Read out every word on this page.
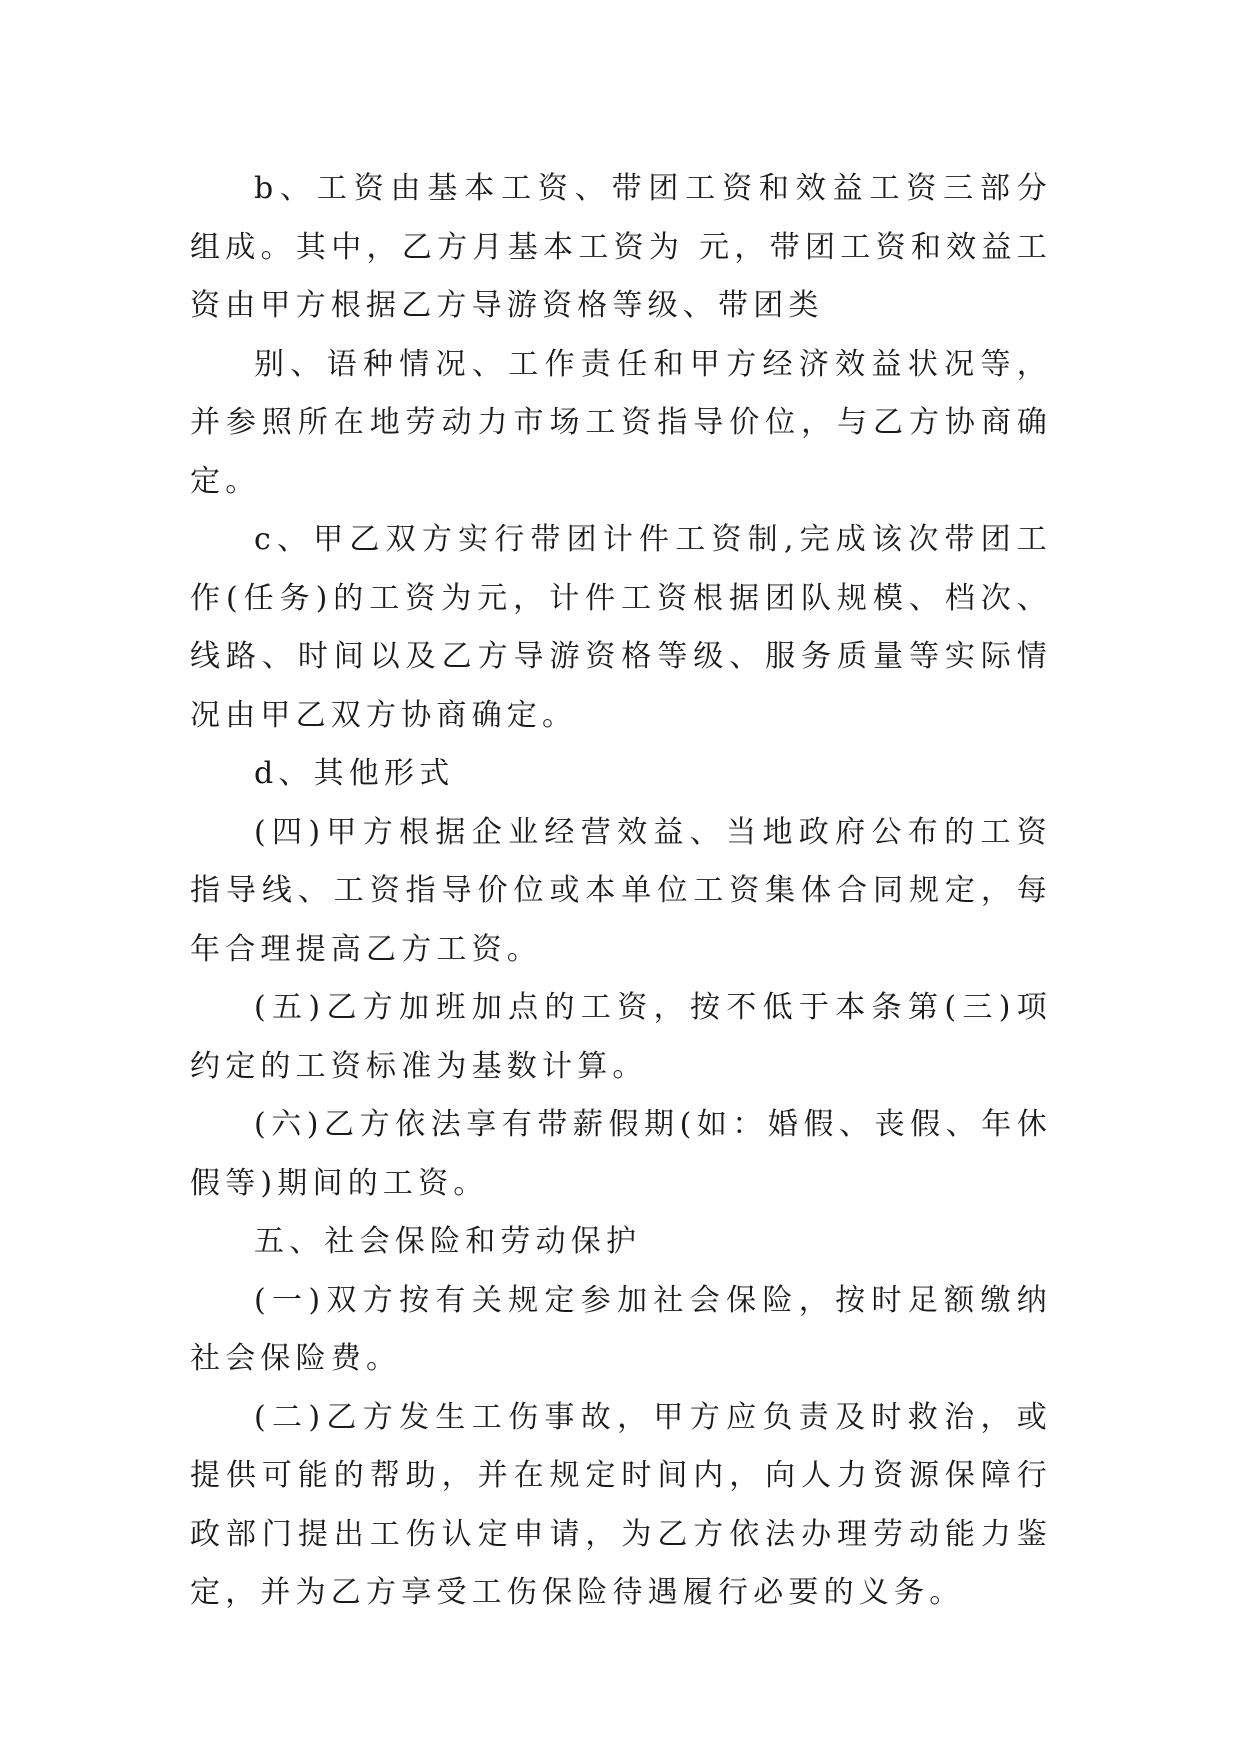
b、工资由基本工资、带团工资和效益工资三部分组成。其中，乙方月基本工资为 元，带团工资和效益工资由甲方根据乙方导游资格等级、带团类

别、语种情况、工作责任和甲方经济效益状况等，并参照所在地劳动力市场工资指导价位，与乙方协商确定。

c、甲乙双方实行带团计件工资制,完成该次带团工作(任务)的工资为元，计件工资根据团队规模、档次、线路、时间以及乙方导游资格等级、服务质量等实际情况由甲乙双方协商确定。

d、其他形式

(四)甲方根据企业经营效益、当地政府公布的工资指导线、工资指导价位或本单位工资集体合同规定，每年合理提高乙方工资。

(五)乙方加班加点的工资，按不低于本条第(三)项约定的工资标准为基数计算。

(六)乙方依法享有带薪假期(如：婚假、丧假、年休假等)期间的工资。

五、社会保险和劳动保护

(一)双方按有关规定参加社会保险，按时足额缴纳社会保险费。

(二)乙方发生工伤事故，甲方应负责及时救治，或提供可能的帮助，并在规定时间内，向人力资源保障行政部门提出工伤认定申请，为乙方依法办理劳动能力鉴定，并为乙方享受工伤保险待遇履行必要的义务。
